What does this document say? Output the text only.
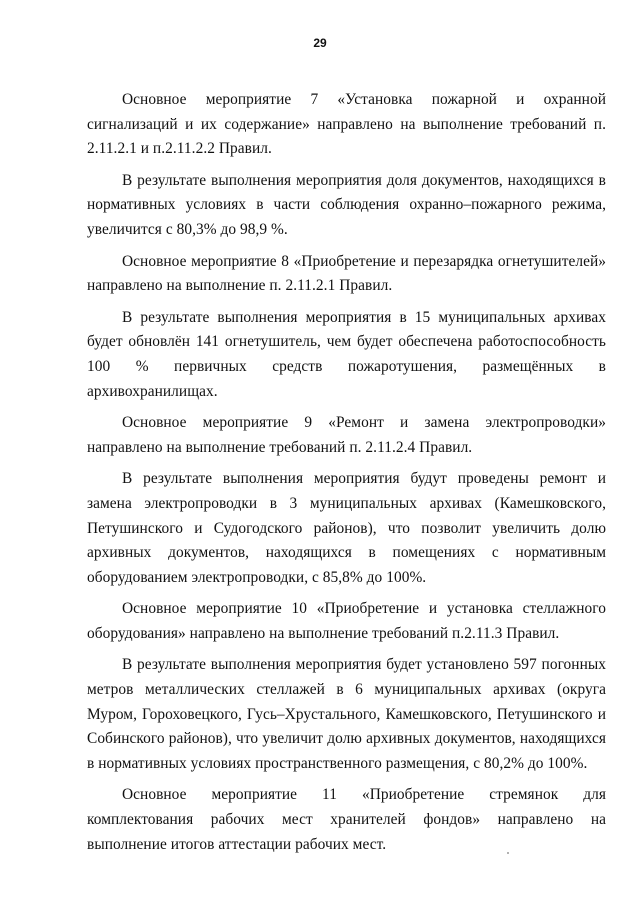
29

Основное мероприятие 7 «Установка пожарной и охранной сигнализаций и их содержание» направлено на выполнение требований п. 2.11.2.1 и п.2.11.2.2 Правил.

В результате выполнения мероприятия доля документов, находящихся в нормативных условиях в части соблюдения охранно–пожарного режима, увеличится с 80,3% до 98,9 %.

Основное мероприятие 8 «Приобретение и перезарядка огнетушителей» направлено на выполнение п. 2.11.2.1 Правил.

В результате выполнения мероприятия в 15 муниципальных архивах будет обновлён 141 огнетушитель, чем будет обеспечена работоспособность 100 % первичных средств пожаротушения, размещённых в архивохранилищах.

Основное мероприятие 9 «Ремонт и замена электропроводки» направлено на выполнение требований п. 2.11.2.4 Правил.

В результате выполнения мероприятия будут проведены ремонт и замена электропроводки в 3 муниципальных архивах (Камешковского, Петушинского и Судогодского районов), что позволит увеличить долю архивных документов, находящихся в помещениях с нормативным оборудованием электропроводки, с 85,8% до 100%.

Основное мероприятие 10 «Приобретение и установка стеллажного оборудования» направлено на выполнение требований п.2.11.3 Правил.

В результате выполнения мероприятия будет установлено 597 погонных метров металлических стеллажей в 6 муниципальных архивах (округа Муром, Гороховецкого, Гусь–Хрустального, Камешковского, Петушинского и Собинского районов), что увеличит долю архивных документов, находящихся в нормативных условиях пространственного размещения, с 80,2% до 100%.

Основное мероприятие 11 «Приобретение стремянок для комплектования рабочих мест хранителей фондов» направлено на выполнение итогов аттестации рабочих мест.
